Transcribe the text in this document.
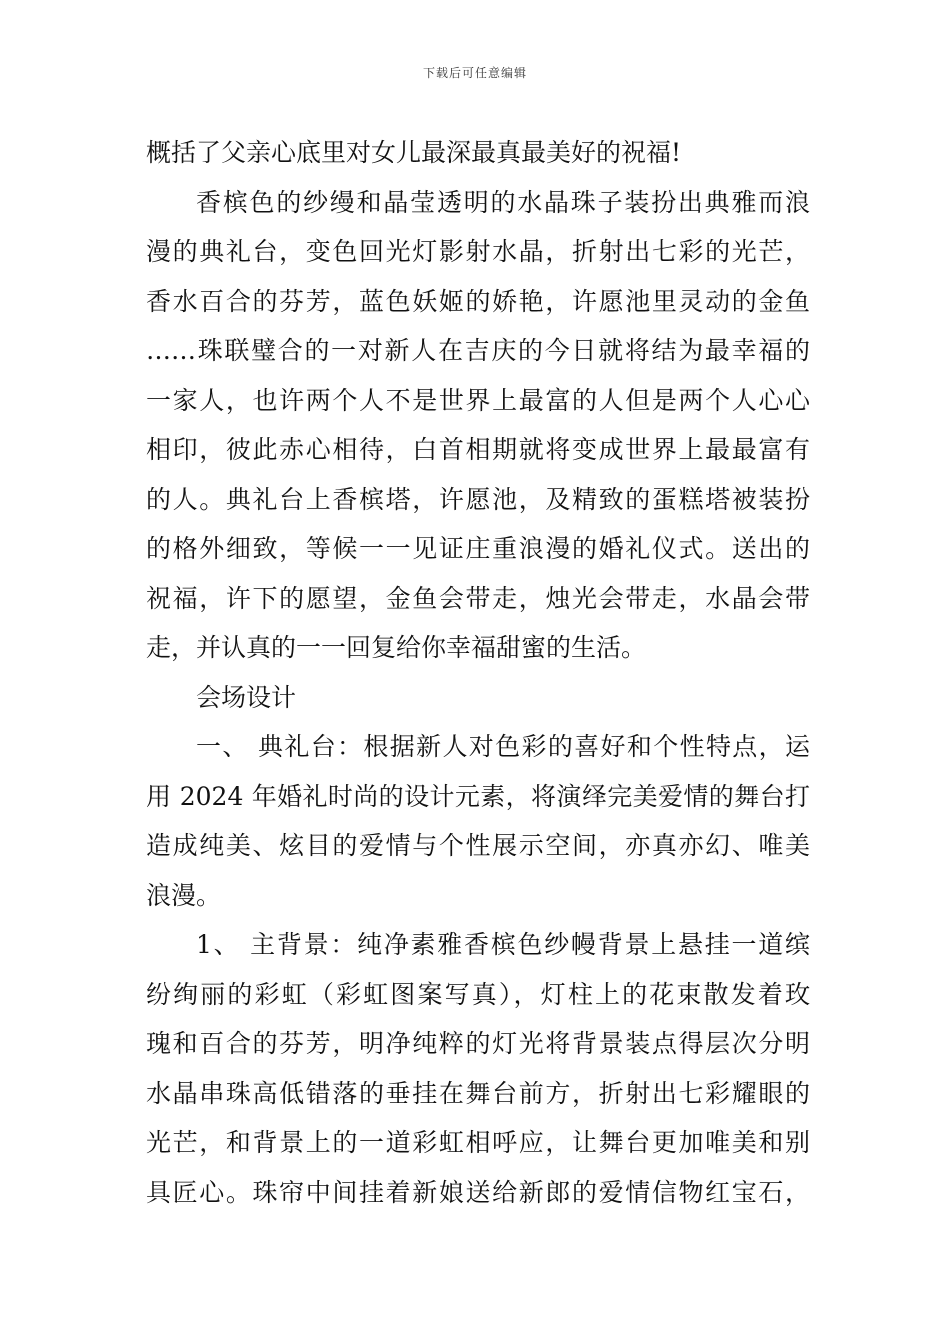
下载后可任意编辑
概括了父亲心底里对女儿最深最真最美好的祝福!
香槟色的纱缦和晶莹透明的水晶珠子装扮出典雅而浪
漫的典礼台，变色回光灯影射水晶，折射出七彩的光芒，
香水百合的芬芳，蓝色妖姬的娇艳，许愿池里灵动的金鱼
……珠联璧合的一对新人在吉庆的今日就将结为最幸福的
一家人，也许两个人不是世界上最富的人但是两个人心心
相印，彼此赤心相待，白首相期就将变成世界上最最富有
的人。典礼台上香槟塔，许愿池，及精致的蛋糕塔被装扮
的格外细致，等候一一见证庄重浪漫的婚礼仪式。送出的
祝福，许下的愿望，金鱼会带走，烛光会带走，水晶会带
走，并认真的一一回复给你幸福甜蜜的生活。
会场设计
一、 典礼台：根据新人对色彩的喜好和个性特点，运
用 2024 年婚礼时尚的设计元素，将演绎完美爱情的舞台打
造成纯美、炫目的爱情与个性展示空间，亦真亦幻、唯美
浪漫。
1、 主背景：纯净素雅香槟色纱幔背景上悬挂一道缤
纷绚丽的彩虹（彩虹图案写真），灯柱上的花束散发着玫
瑰和百合的芬芳，明净纯粹的灯光将背景装点得层次分明
水晶串珠高低错落的垂挂在舞台前方，折射出七彩耀眼的
光芒，和背景上的一道彩虹相呼应，让舞台更加唯美和别
具匠心。珠帘中间挂着新娘送给新郎的爱情信物红宝石，
